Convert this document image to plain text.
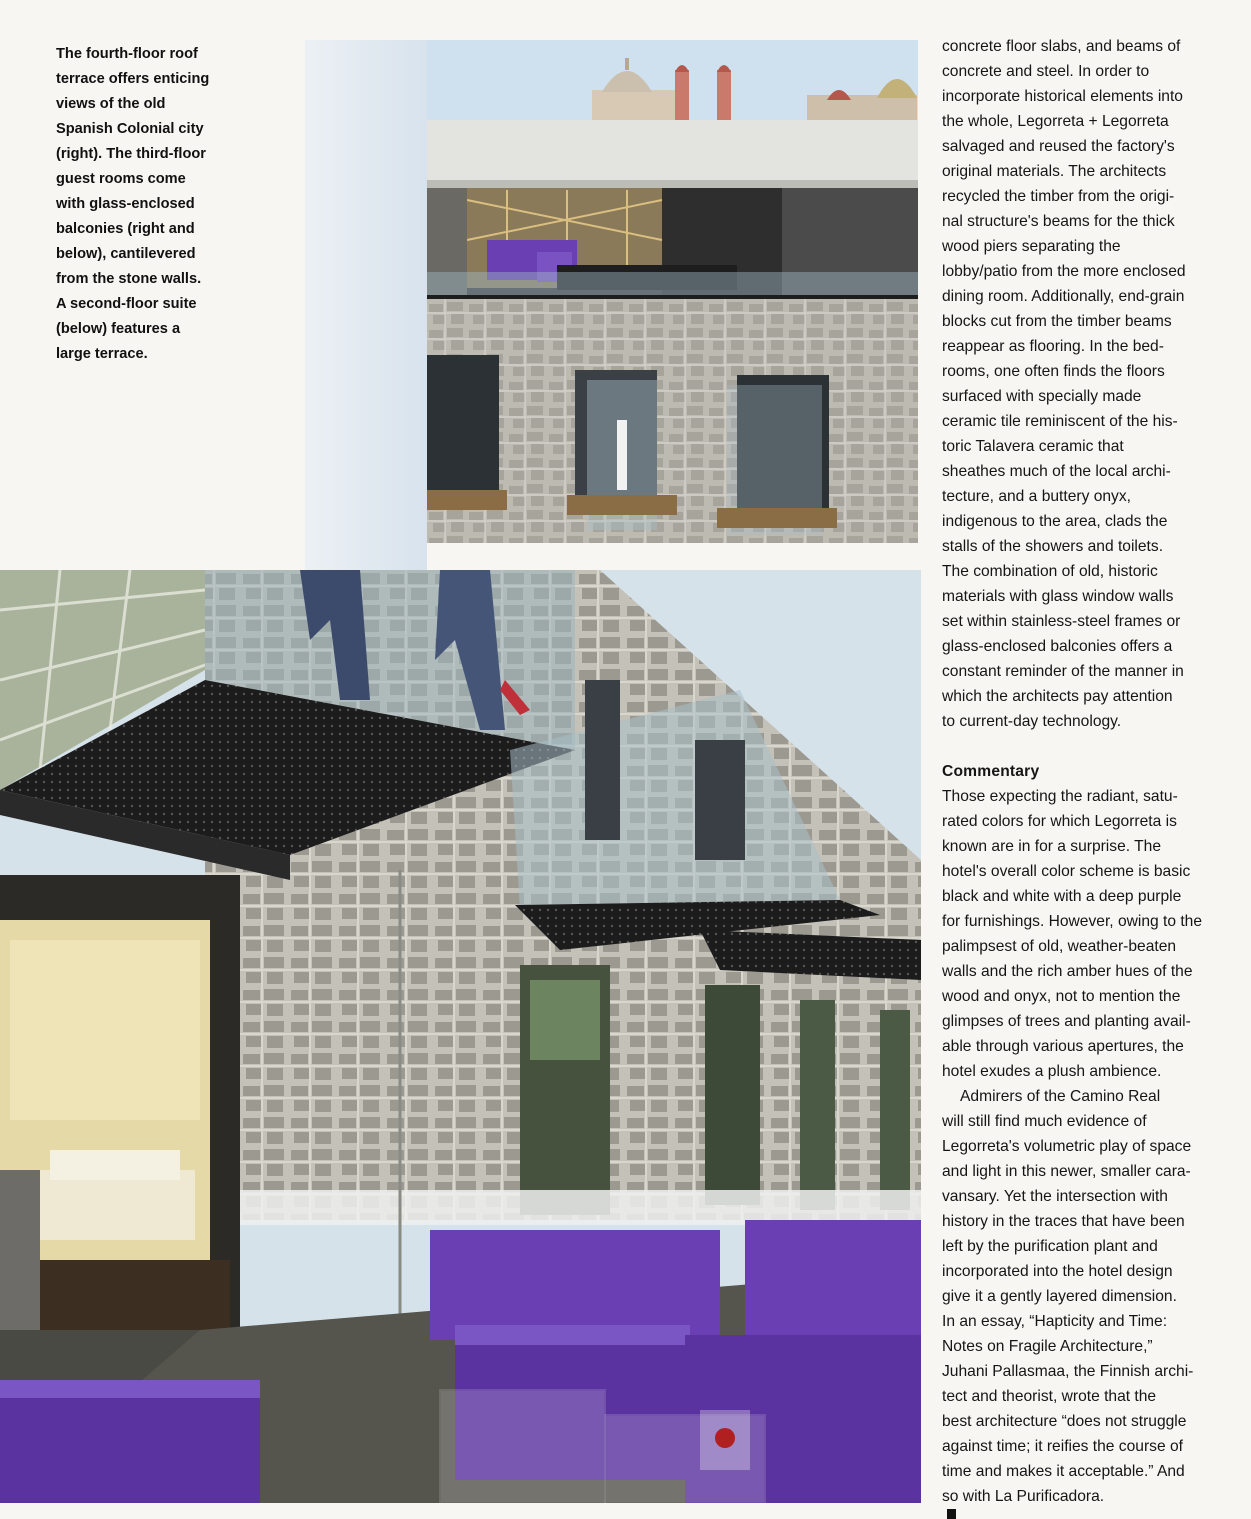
The fourth-floor roof
terrace offers enticing
views of the old
Spanish Colonial city
(right). The third-floor
guest rooms come
with glass-enclosed
balconies (right and
below), cantilevered
from the stone walls.
A second-floor suite
(below) features a
large terrace.
concrete floor slabs, and beams of
concrete and steel. In order to
incorporate historical elements into
the whole, Legorreta + Legorreta
salvaged and reused the factory's
original materials. The architects
recycled the timber from the origi-
nal structure's beams for the thick
wood piers separating the
lobby/patio from the more enclosed
dining room. Additionally, end-grain
blocks cut from the timber beams
reappear as flooring. In the bed-
rooms, one often finds the floors
surfaced with specially made
ceramic tile reminiscent of the his-
toric Talavera ceramic that
sheathes much of the local archi-
tecture, and a buttery onyx,
indigenous to the area, clads the
stalls of the showers and toilets.
The combination of old, historic
materials with glass window walls
set within stainless-steel frames or
glass-enclosed balconies offers a
constant reminder of the manner in
which the architects pay attention
to current-day technology.
Commentary
Those expecting the radiant, satu-
rated colors for which Legorreta is
known are in for a surprise. The
hotel's overall color scheme is basic
black and white with a deep purple
for furnishings. However, owing to the
palimpsest of old, weather-beaten
walls and the rich amber hues of the
wood and onyx, not to mention the
glimpses of trees and planting avail-
able through various apertures, the
hotel exudes a plush ambience.
Admirers of the Camino Real
will still find much evidence of
Legorreta's volumetric play of space
and light in this newer, smaller cara-
vansary. Yet the intersection with
history in the traces that have been
left by the purification plant and
incorporated into the hotel design
give it a gently layered dimension.
In an essay, “Hapticity and Time:
Notes on Fragile Architecture,”
Juhani Pallasmaa, the Finnish archi-
tect and theorist, wrote that the
best architecture “does not struggle
against time; it reifies the course of
time and makes it acceptable.” And
so with La Purificadora.
